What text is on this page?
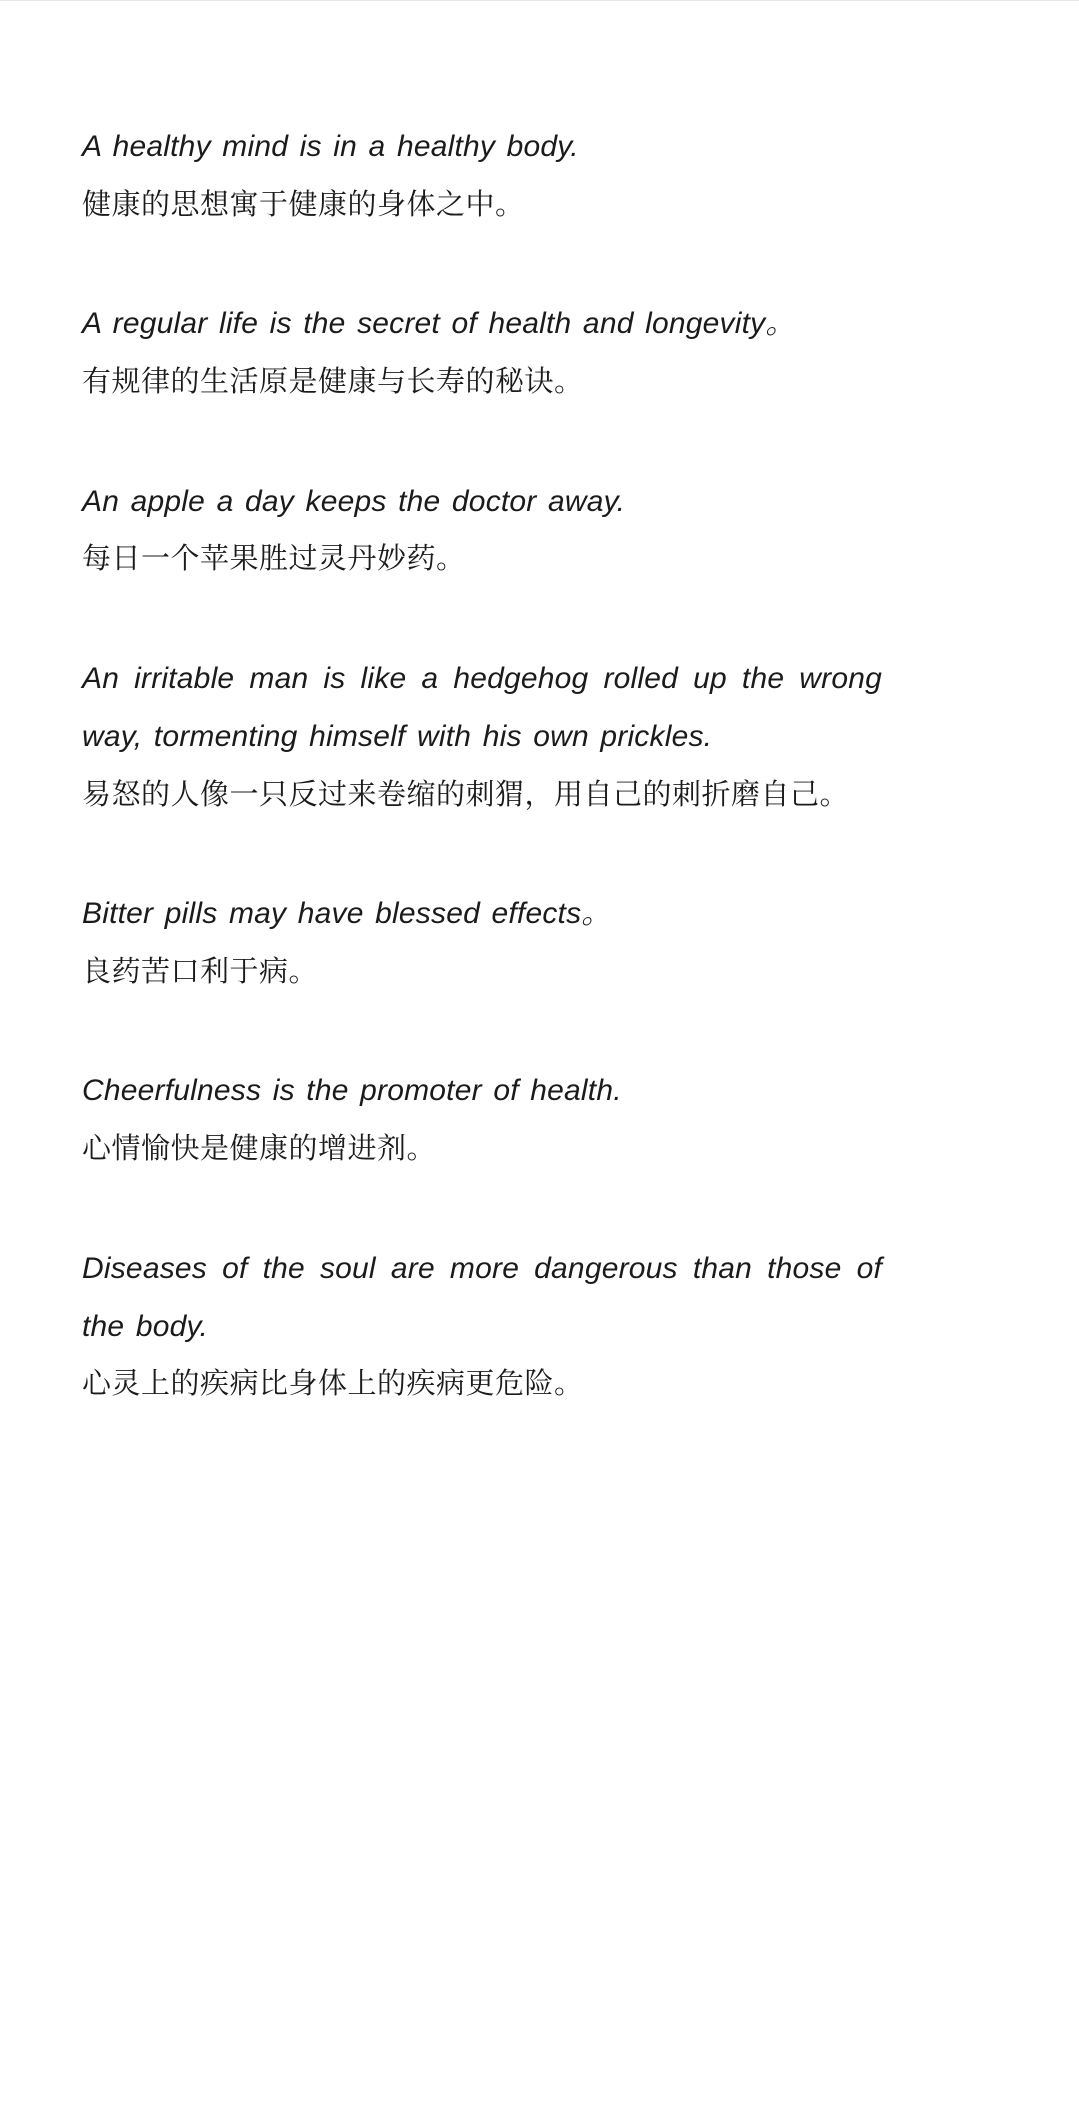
A healthy mind is in a healthy body.

健康的思想寓于健康的身体之中。

A regular life is the secret of health and longevity。

有规律的生活原是健康与长寿的秘诀。

An apple a day keeps the doctor away.

每日一个苹果胜过灵丹妙药。

An irritable man is like a hedgehog rolled up the wrong way, tormenting himself with his own prickles.

易怒的人像一只反过来卷缩的刺猬，用自己的刺折磨自己。

Bitter pills may have blessed effects。

良药苦口利于病。

Cheerfulness is the promoter of health.

心情愉快是健康的增进剂。

Diseases of the soul are more dangerous than those of the body.

心灵上的疾病比身体上的疾病更危险。
